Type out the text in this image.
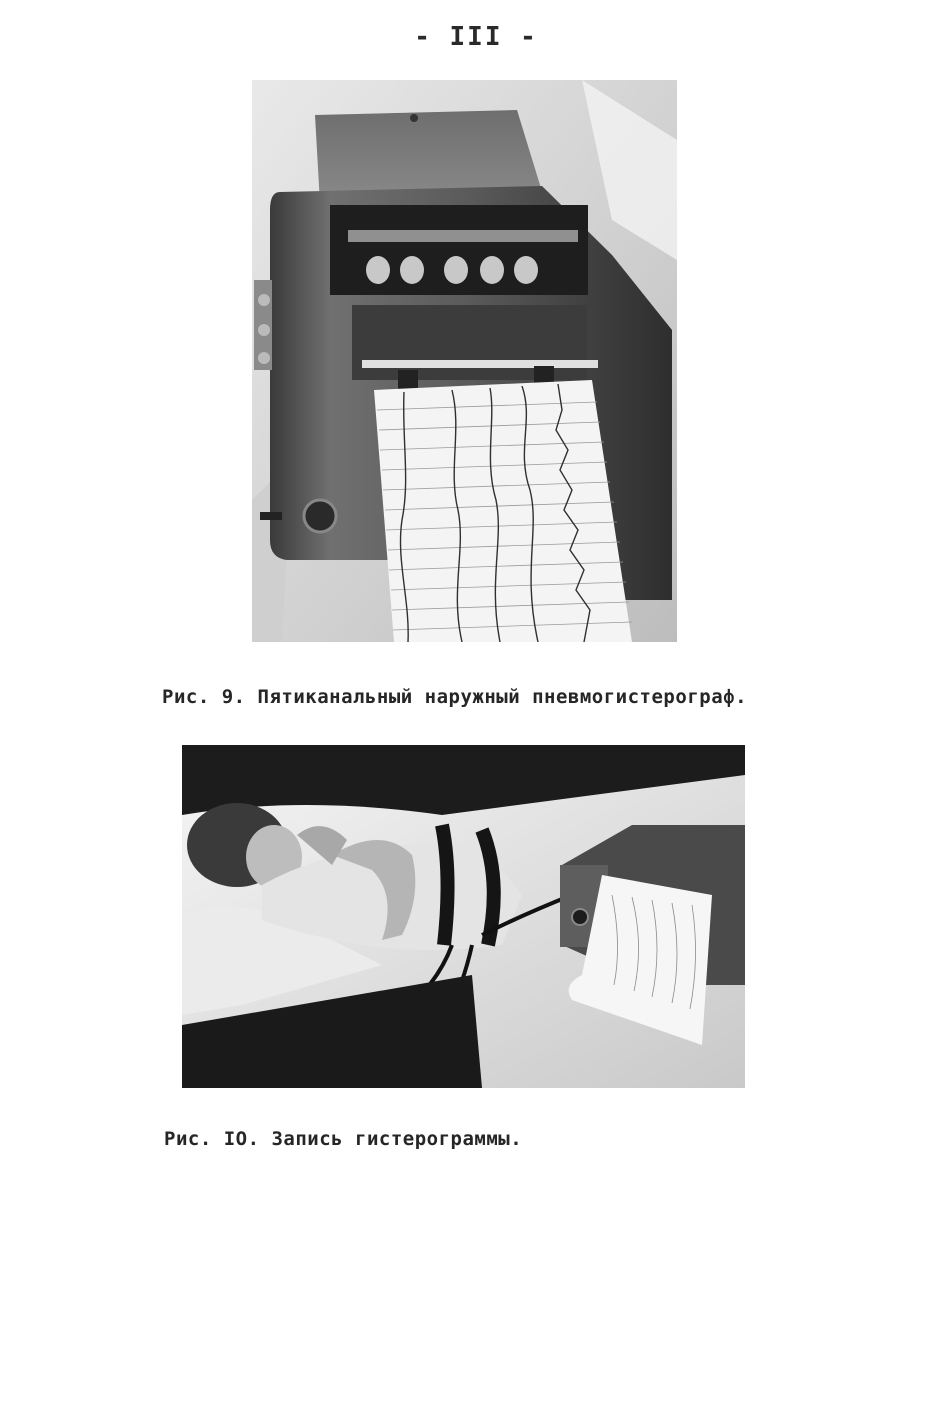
- III -
Рис. 9. Пятиканальный наружный пневмогистерограф.
Рис. IO. Запись гистерограммы.
